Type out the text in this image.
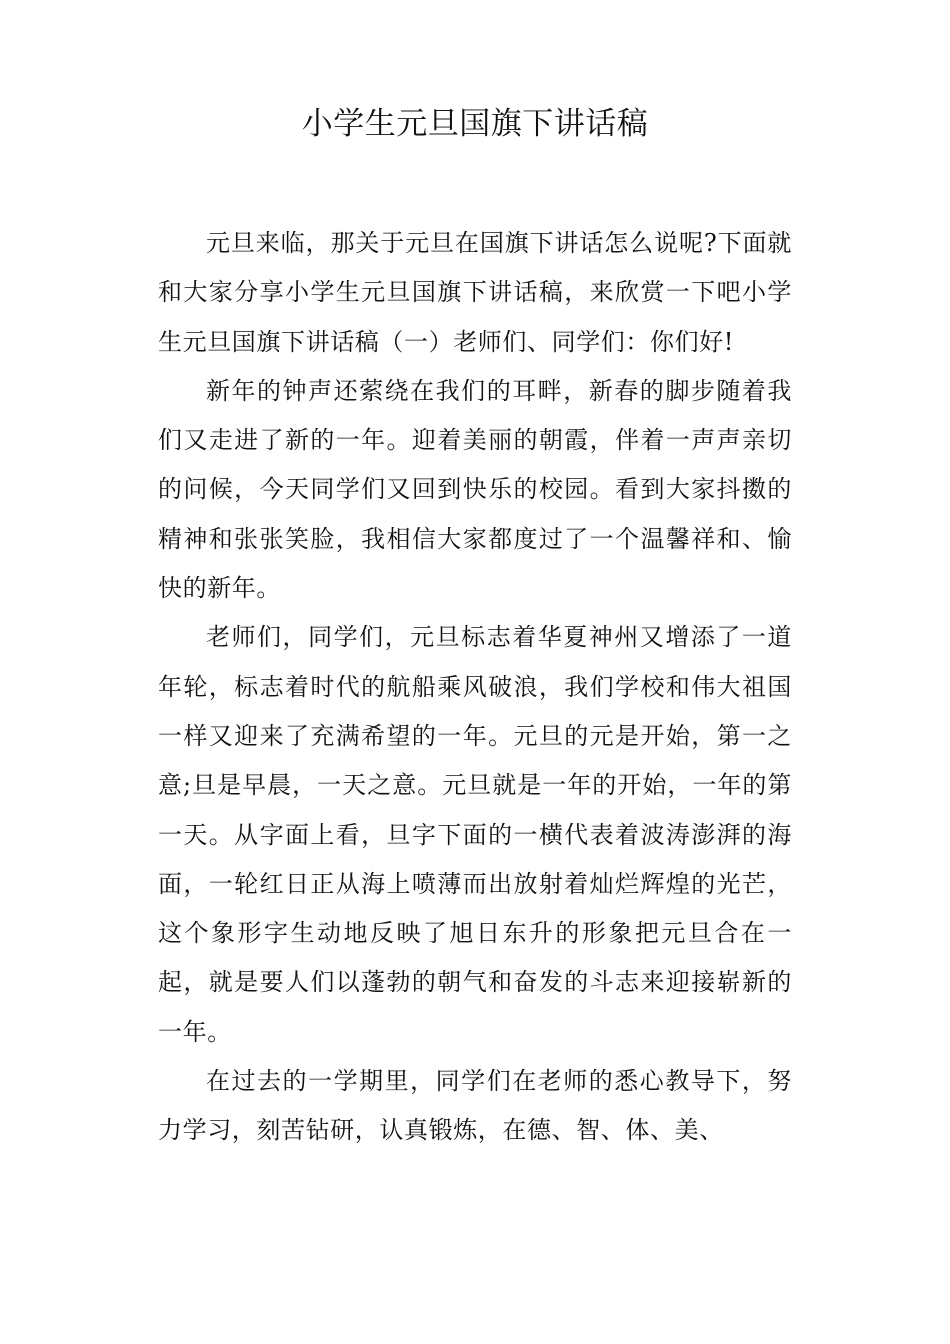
小学生元旦国旗下讲话稿

元旦来临，那关于元旦在国旗下讲话怎么说呢?下面就和大家分享小学生元旦国旗下讲话稿，来欣赏一下吧小学生元旦国旗下讲话稿（一）老师们、同学们：你们好!

新年的钟声还萦绕在我们的耳畔，新春的脚步随着我们又走进了新的一年。迎着美丽的朝霞，伴着一声声亲切的问候，今天同学们又回到快乐的校园。看到大家抖擞的精神和张张笑脸，我相信大家都度过了一个温馨祥和、愉快的新年。

老师们，同学们，元旦标志着华夏神州又增添了一道年轮，标志着时代的航船乘风破浪，我们学校和伟大祖国一样又迎来了充满希望的一年。元旦的元是开始，第一之意;旦是早晨，一天之意。元旦就是一年的开始，一年的第一天。从字面上看，旦字下面的一横代表着波涛澎湃的海面，一轮红日正从海上喷薄而出放射着灿烂辉煌的光芒，这个象形字生动地反映了旭日东升的形象把元旦合在一起，就是要人们以蓬勃的朝气和奋发的斗志来迎接崭新的一年。

在过去的一学期里，同学们在老师的悉心教导下，努力学习，刻苦钻研，认真锻炼，在德、智、体、美、
